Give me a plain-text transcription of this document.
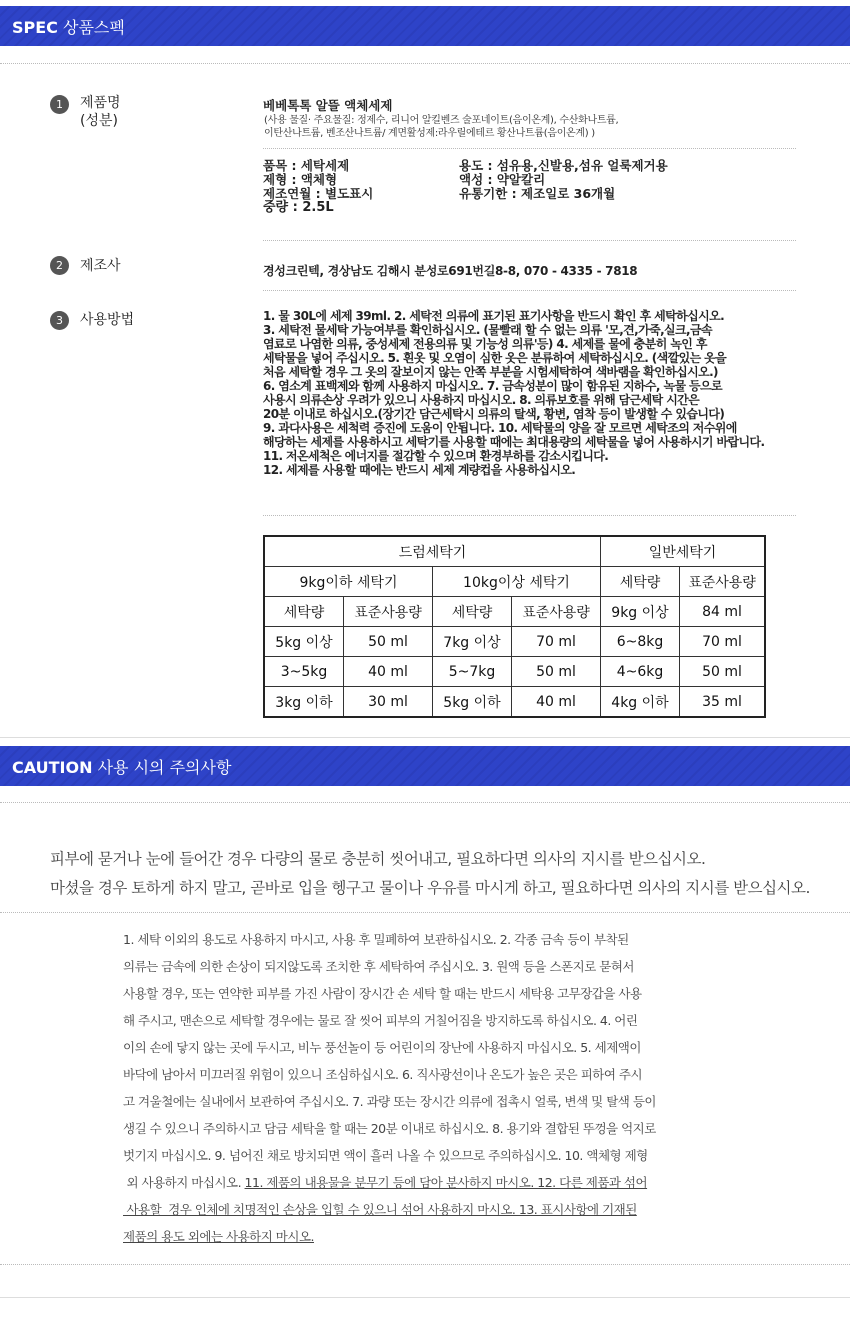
SPEC 상품스펙
1	제품명
(성분)
베베톡톡 알뜰 액체세제
(사용 물질· 주요물질: 정제수, 리니어 알킬벤즈 술포네이트(음이온계), 수산화나트륨,
이탄산나트륨, 벤조산나트륨/ 계면활성제:라우릴에테르 황산나트륨(음이온계) )
품목 : 세탁세제
제형 : 액체형
제조연월 : 별도표시
중량 : 2.5L
용도 : 섬유용,신발용,섬유 얼룩제거용
액성 : 약알칼리
유통기한 : 제조일로 36개월
2	제조사	경성크린텍, 경상남도 김해시 분성로691번길8-8, 070 - 4335 - 7818
3	사용방법	1. 물 30L에 세제 39ml. 2. 세탁전 의류에 표기된 표기사항을 반드시 확인 후 세탁하십시오.
3. 세탁전 물세탁 가능여부를 확인하십시오. (물빨래 할 수 없는 의류 '모,견,가죽,실크,금속
염료로 나염한 의류, 중성세제 전용의류 및 기능성 의류'등) 4. 세제를 물에 충분히 녹인 후
세탁물을 넣어 주십시오. 5. 흰옷 및 오염이 심한 옷은 분류하여 세탁하십시오. (색깔있는 옷을
처음 세탁할 경우 그 옷의 잘보이지 않는 안쪽 부분을 시험세탁하여 색바램을 확인하십시오.)
6. 염소계 표백제와 함께 사용하지 마십시오. 7. 금속성분이 많이 함유된 지하수, 녹물 등으로
사용시 의류손상 우려가 있으니 사용하지 마십시오. 8. 의류보호를 위해 담근세탁 시간은
20분 이내로 하십시오.(장기간 담근세탁시 의류의 탈색, 황변, 염착 등이 발생할 수 있습니다)
9. 과다사용은 세척력 증진에 도움이 안됩니다. 10. 세탁물의 양을 잘 모르면 세탁조의 저수위에
해당하는 세제를 사용하시고 세탁기를 사용할 때에는 최대용량의 세탁물을 넣어 사용하시기 바랍니다.
11. 저온세척은 에너지를 절감할 수 있으며 환경부하를 감소시킵니다.
12. 세제를 사용할 때에는 반드시 세제 계량컵을 사용하십시오.
드럼세탁기				일반세탁기	
9kg이하 세탁기		10kg이상 세탁기		세탁량	표준사용량
세탁량	표준사용량	세탁량	표준사용량	9kg 이상	84 ml
5kg 이상	50 ml	7kg 이상	70 ml	6~8kg	70 ml
3~5kg	40 ml	5~7kg	50 ml	4~6kg	50 ml
3kg 이하	30 ml	5kg 이하	40 ml	4kg 이하	35 ml
CAUTION 사용 시의 주의사항
피부에 묻거나 눈에 들어간 경우 다량의 물로 충분히 씻어내고, 필요하다면 의사의 지시를 받으십시오.
마셨을 경우 토하게 하지 말고, 곧바로 입을 헹구고 물이나 우유를 마시게 하고, 필요하다면 의사의 지시를 받으십시오.
1. 세탁 이외의 용도로 사용하지 마시고, 사용 후 밀폐하여 보관하십시오. 2. 각종 금속 등이 부착된
의류는 금속에 의한 손상이 되지않도록 조치한 후 세탁하여 주십시오. 3. 원액 등을 스폰지로 묻혀서
사용할 경우, 또는 연약한 피부를 가진 사람이 장시간 손 세탁 할 때는 반드시 세탁용 고무장갑을 사용
해 주시고, 맨손으로 세탁할 경우에는 물로 잘 씻어 피부의 거칠어짐을 방지하도록 하십시오. 4. 어린
이의 손에 닿지 않는 곳에 두시고, 비누 풍선놀이 등 어린이의 장난에 사용하지 마십시오. 5. 세제액이
바닥에 남아서 미끄러질 위험이 있으니 조심하십시오. 6. 직사광선이나 온도가 높은 곳은 피하여 주시
고 겨울철에는 실내에서 보관하여 주십시오. 7. 과량 또는 장시간 의류에 접촉시 얼룩, 변색 및 탈색 등이
생길 수 있으니 주의하시고 담금 세탁을 할 때는 20분 이내로 하십시오. 8. 용기와 결합된 뚜껑을 억지로
벗기지 마십시오. 9. 넘어진 채로 방치되면 액이 흘러 나올 수 있으므로 주의하십시오. 10. 액체형 제형
외 사용하지 마십시오. 11. 제품의 내용물을 분무기 등에 담아 분사하지 마시오. 12. 다른 제품과 섞어
사용할  경우 인체에 치명적인 손상을 입힐 수 있으니 섞어 사용하지 마시오. 13. 표시사항에 기재된
제품의 용도 외에는 사용하지 마시오.
